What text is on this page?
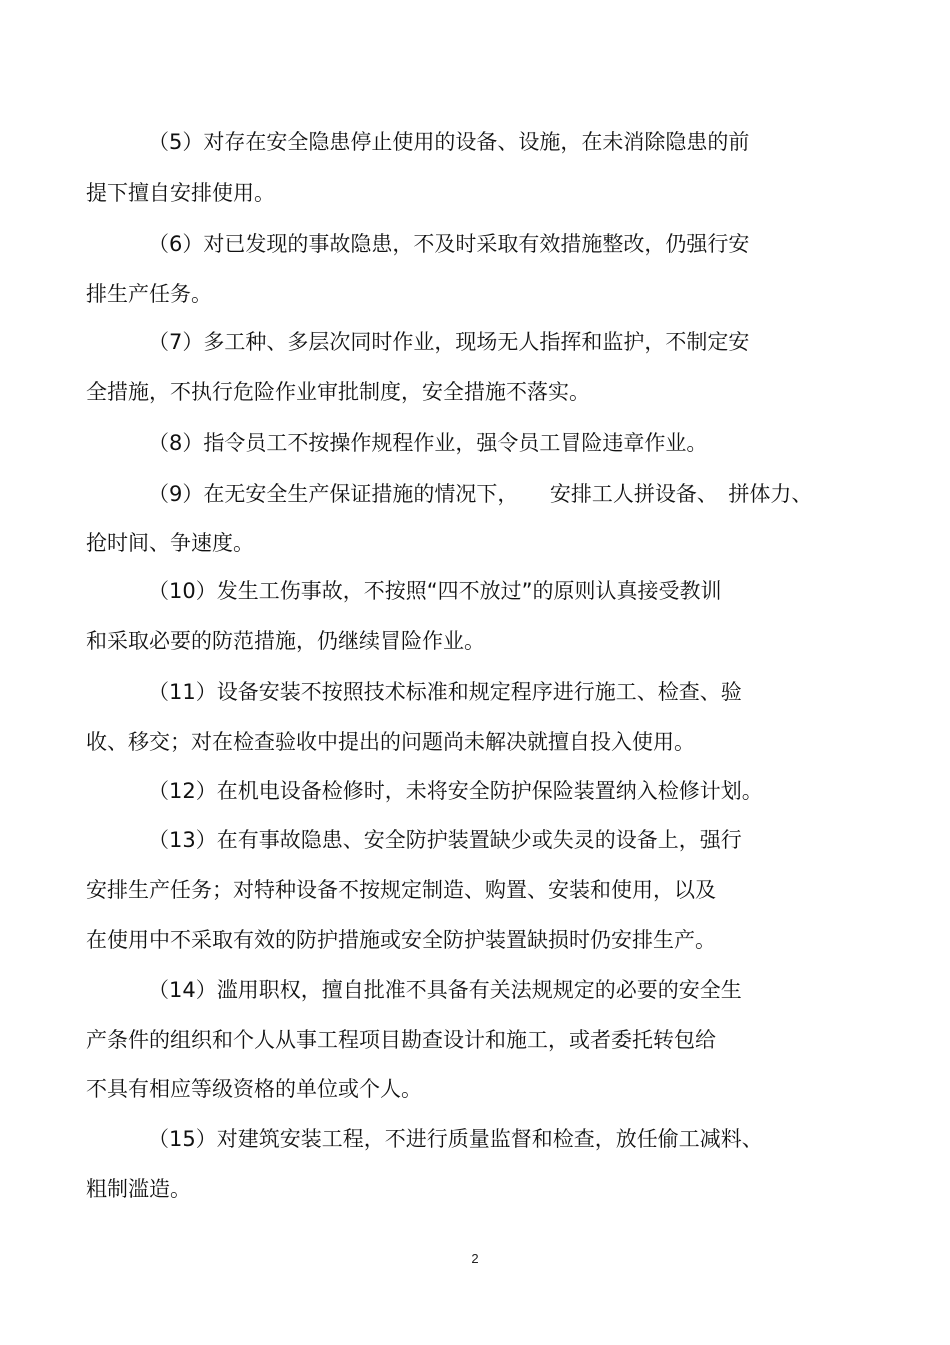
（5）对存在安全隐患停止使用的设备、设施，在未消除隐患的前
提下擅自安排使用。
（6）对已发现的事故隐患，不及时采取有效措施整改，仍强行安
排生产任务。
（7）多工种、多层次同时作业，现场无人指挥和监护，不制定安
全措施，不执行危险作业审批制度，安全措施不落实。
（8）指令员工不按操作规程作业，强令员工冒险违章作业。
（9）在无安全生产保证措施的情况下，　　安排工人拼设备、　拼体力、
抢时间、争速度。
（10）发生工伤事故，不按照“四不放过”的原则认真接受教训
和采取必要的防范措施，仍继续冒险作业。
（11）设备安装不按照技术标准和规定程序进行施工、检查、验
收、移交；对在检查验收中提出的问题尚未解决就擅自投入使用。
（12）在机电设备检修时，未将安全防护保险装置纳入检修计划。
（13）在有事故隐患、安全防护装置缺少或失灵的设备上，强行
安排生产任务；对特种设备不按规定制造、购置、安装和使用，以及
在使用中不采取有效的防护措施或安全防护装置缺损时仍安排生产。
（14）滥用职权，擅自批准不具备有关法规规定的必要的安全生
产条件的组织和个人从事工程项目勘查设计和施工，或者委托转包给
不具有相应等级资格的单位或个人。
（15）对建筑安装工程，不进行质量监督和检查，放任偷工减料、
粗制滥造。
2
